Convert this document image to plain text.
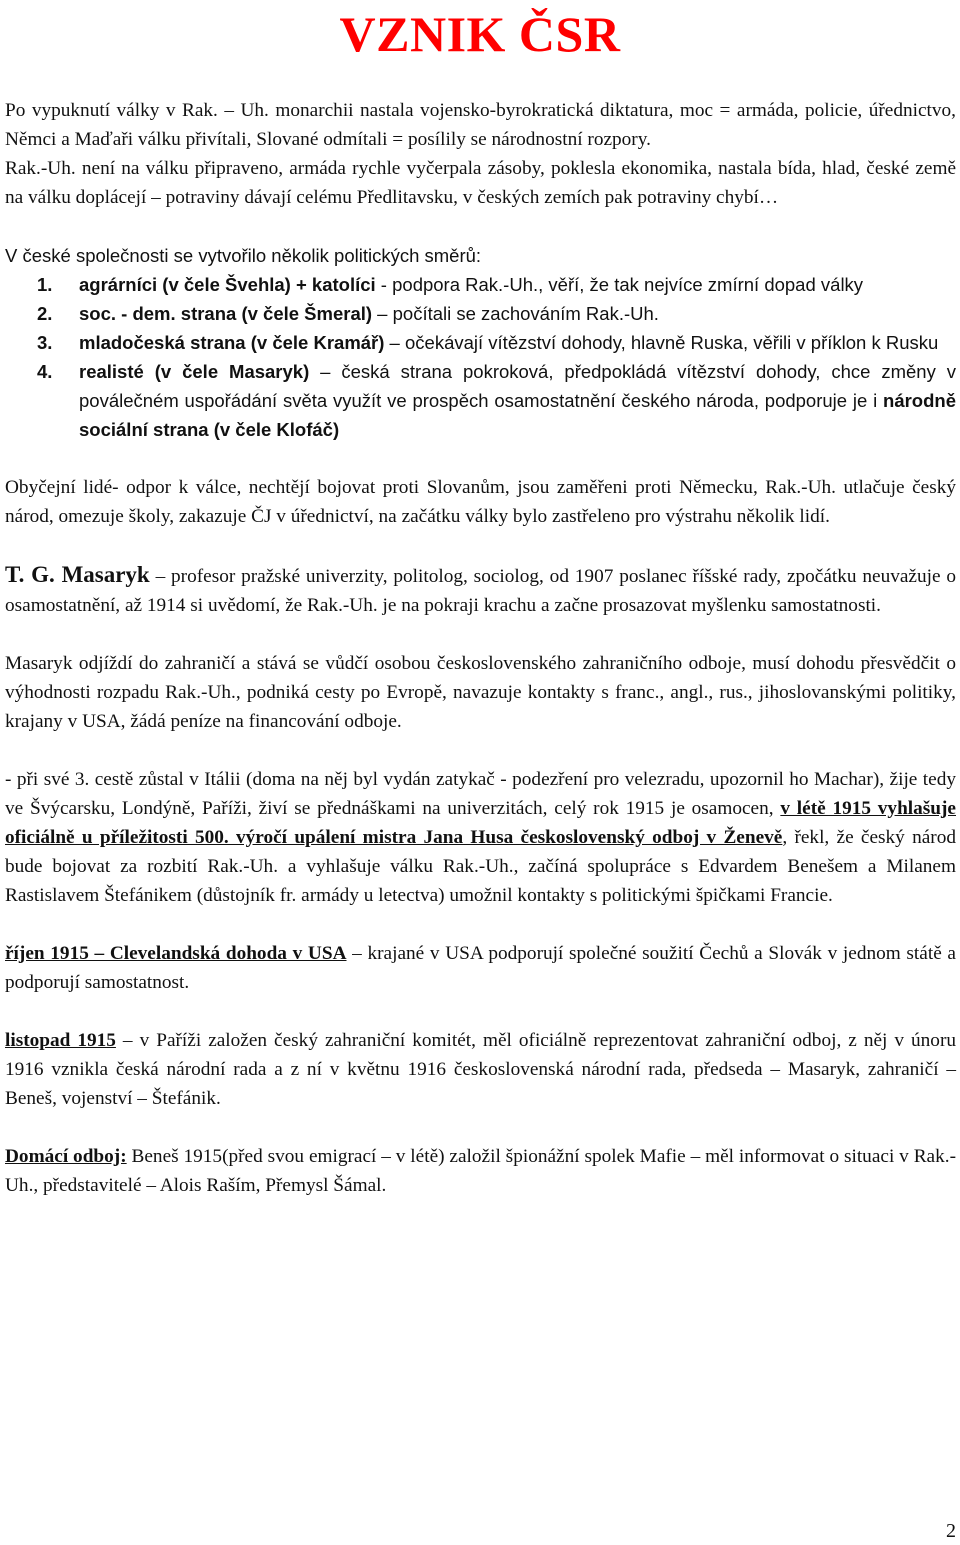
VZNIK ČSR

Po vypuknutí války v Rak. – Uh. monarchii nastala vojensko-byrokratická diktatura, moc = armáda, policie, úřednictvo, Němci a Maďaři válku přivítali, Slované odmítali = posílily se národnostní rozpory.

Rak.-Uh. není na válku připraveno, armáda rychle vyčerpala zásoby, poklesla ekonomika, nastala bída, hlad, české země na válku doplácejí – potraviny dávají celému Předlitavsku, v českých zemích pak potraviny chybí…

V české společnosti se vytvořilo několik politických směrů:

1.	agrárníci (v čele Švehla) + katolíci - podpora Rak.-Uh., věří, že tak nejvíce zmírní dopad války
2.	soc. - dem. strana (v čele Šmeral) – počítali se zachováním Rak.-Uh.
3.	mladočeská strana (v čele Kramář) – očekávají vítězství dohody, hlavně Ruska, věřili v příklon k Rusku
4.	realisté (v čele Masaryk) – česká strana pokroková, předpokládá vítězství dohody, chce změny v poválečném uspořádání světa využít ve prospěch osamostatnění českého národa, podporuje je i národně sociální strana (v čele Klofáč)

Obyčejní lidé- odpor k válce, nechtějí bojovat proti Slovanům, jsou zaměřeni proti Německu, Rak.-Uh. utlačuje český národ, omezuje školy, zakazuje ČJ v úřednictví, na začátku války bylo zastřeleno pro výstrahu několik lidí.

T. G. Masaryk – profesor pražské univerzity, politolog, sociolog, od 1907 poslanec říšské rady, zpočátku neuvažuje o osamostatnění, až 1914 si uvědomí, že Rak.-Uh. je na pokraji krachu a začne prosazovat myšlenku samostatnosti.

Masaryk odjíždí do zahraničí a stává se vůdčí osobou československého zahraničního odboje, musí dohodu přesvědčit o výhodnosti rozpadu Rak.-Uh., podniká cesty po Evropě, navazuje kontakty s franc., angl., rus., jihoslovanskými politiky, krajany v USA, žádá peníze na financování odboje.

- při své 3. cestě zůstal v Itálii (doma na něj byl vydán zatykač - podezření pro velezradu, upozornil ho Machar), žije tedy ve Švýcarsku, Londýně, Paříži, živí se přednáškami na univerzitách, celý rok 1915 je osamocen, v létě 1915 vyhlašuje oficiálně u příležitosti 500. výročí upálení mistra Jana Husa československý odboj v Ženevě, řekl, že český národ bude bojovat za rozbití Rak.-Uh. a vyhlašuje válku Rak.-Uh., začíná spolupráce s Edvardem Benešem a Milanem Rastislavem Štefánikem (důstojník fr. armády u letectva) umožnil kontakty s politickými špičkami Francie.

říjen 1915 – Clevelandská dohoda v USA – krajané v USA podporují společné soužití Čechů a Slovák v jednom státě a podporují samostatnost.

listopad 1915 – v Paříži založen český zahraniční komitét, měl oficiálně reprezentovat zahraniční odboj, z něj v únoru 1916 vznikla česká národní rada a z ní v květnu 1916 československá národní rada, předseda – Masaryk, zahraničí – Beneš, vojenství – Štefánik.

Domácí odboj: Beneš 1915(před svou emigrací – v létě) založil špionážní spolek Mafie – měl informovat o situaci v Rak.-Uh., představitelé – Alois Raším, Přemysl Šámal.

2
